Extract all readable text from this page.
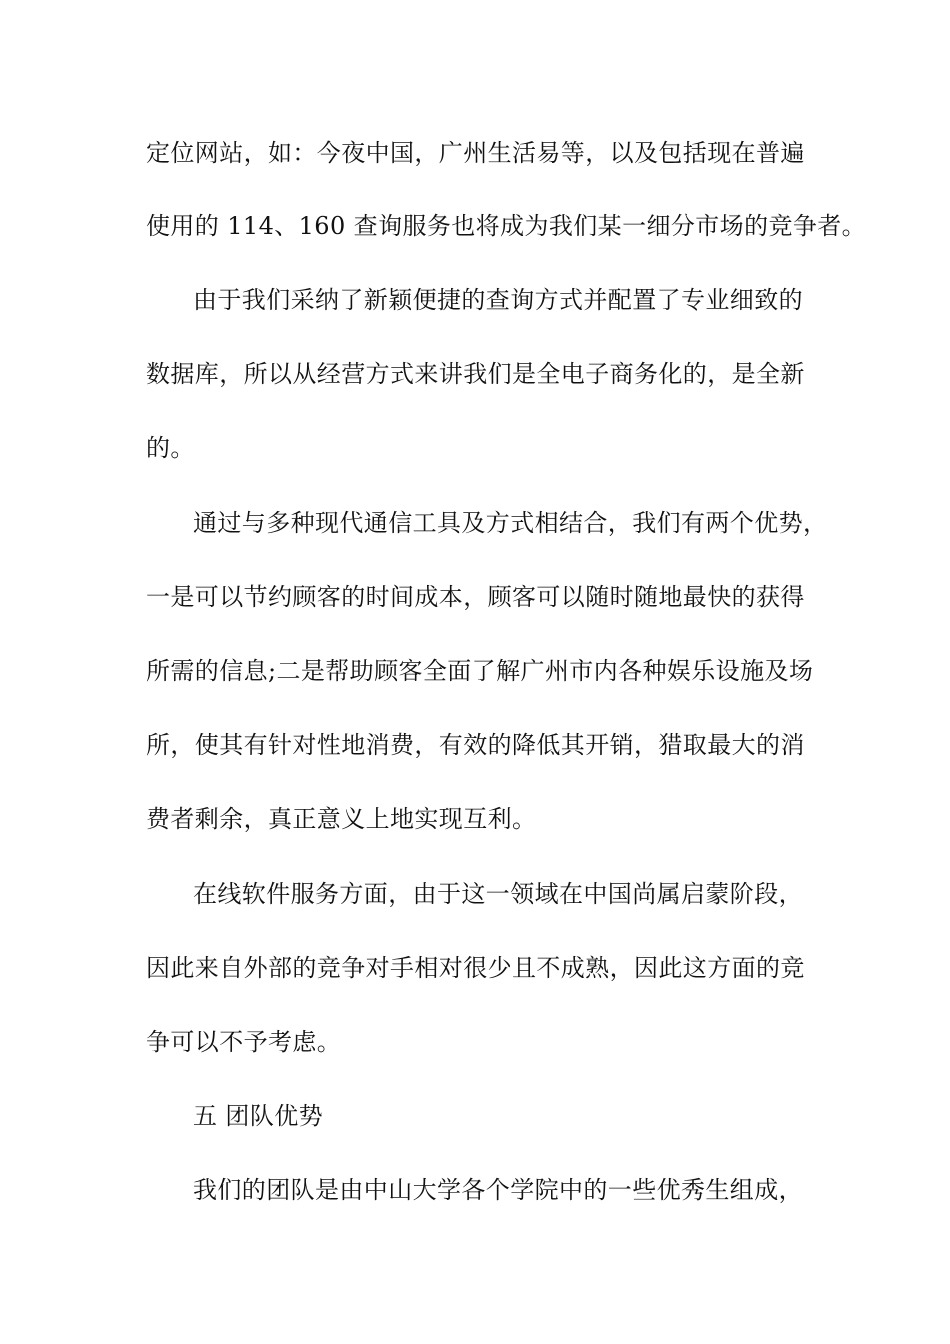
定位网站，如：今夜中国，广州生活易等，以及包括现在普遍
使用的 114、160 查询服务也将成为我们某一细分市场的竞争者。
由于我们采纳了新颖便捷的查询方式并配置了专业细致的
数据库，所以从经营方式来讲我们是全电子商务化的，是全新
的。
通过与多种现代通信工具及方式相结合，我们有两个优势，
一是可以节约顾客的时间成本，顾客可以随时随地最快的获得
所需的信息;二是帮助顾客全面了解广州市内各种娱乐设施及场
所，使其有针对性地消费，有效的降低其开销，猎取最大的消
费者剩余，真正意义上地实现互利。
在线软件服务方面，由于这一领域在中国尚属启蒙阶段，
因此来自外部的竞争对手相对很少且不成熟，因此这方面的竞
争可以不予考虑。
五 团队优势
我们的团队是由中山大学各个学院中的一些优秀生组成，
